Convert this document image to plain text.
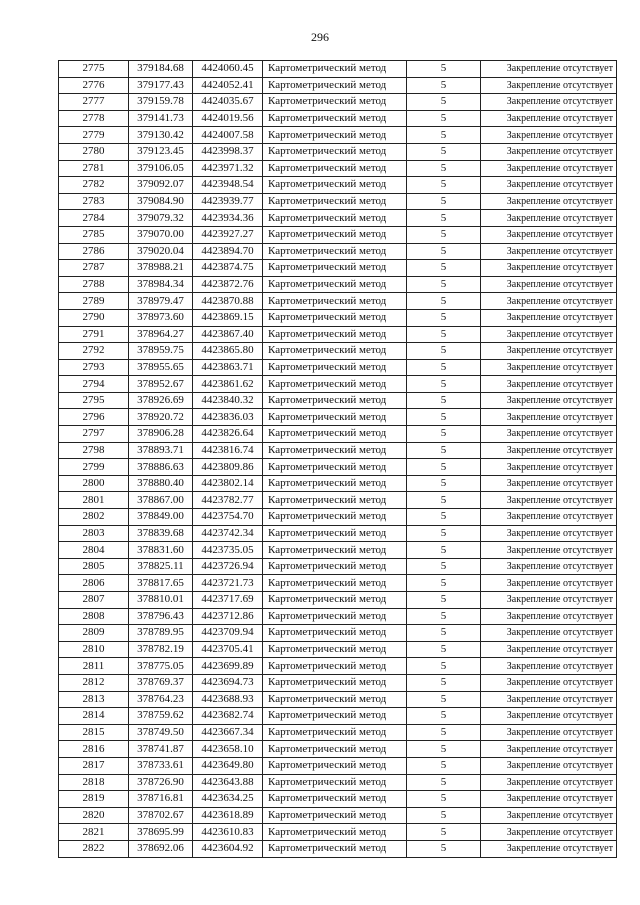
296
2775	379184.68	4424060.45	Картометрический метод	5	Закрепление отсутствует
2776	379177.43	4424052.41	Картометрический метод	5	Закрепление отсутствует
2777	379159.78	4424035.67	Картометрический метод	5	Закрепление отсутствует
2778	379141.73	4424019.56	Картометрический метод	5	Закрепление отсутствует
2779	379130.42	4424007.58	Картометрический метод	5	Закрепление отсутствует
2780	379123.45	4423998.37	Картометрический метод	5	Закрепление отсутствует
2781	379106.05	4423971.32	Картометрический метод	5	Закрепление отсутствует
2782	379092.07	4423948.54	Картометрический метод	5	Закрепление отсутствует
2783	379084.90	4423939.77	Картометрический метод	5	Закрепление отсутствует
2784	379079.32	4423934.36	Картометрический метод	5	Закрепление отсутствует
2785	379070.00	4423927.27	Картометрический метод	5	Закрепление отсутствует
2786	379020.04	4423894.70	Картометрический метод	5	Закрепление отсутствует
2787	378988.21	4423874.75	Картометрический метод	5	Закрепление отсутствует
2788	378984.34	4423872.76	Картометрический метод	5	Закрепление отсутствует
2789	378979.47	4423870.88	Картометрический метод	5	Закрепление отсутствует
2790	378973.60	4423869.15	Картометрический метод	5	Закрепление отсутствует
2791	378964.27	4423867.40	Картометрический метод	5	Закрепление отсутствует
2792	378959.75	4423865.80	Картометрический метод	5	Закрепление отсутствует
2793	378955.65	4423863.71	Картометрический метод	5	Закрепление отсутствует
2794	378952.67	4423861.62	Картометрический метод	5	Закрепление отсутствует
2795	378926.69	4423840.32	Картометрический метод	5	Закрепление отсутствует
2796	378920.72	4423836.03	Картометрический метод	5	Закрепление отсутствует
2797	378906.28	4423826.64	Картометрический метод	5	Закрепление отсутствует
2798	378893.71	4423816.74	Картометрический метод	5	Закрепление отсутствует
2799	378886.63	4423809.86	Картометрический метод	5	Закрепление отсутствует
2800	378880.40	4423802.14	Картометрический метод	5	Закрепление отсутствует
2801	378867.00	4423782.77	Картометрический метод	5	Закрепление отсутствует
2802	378849.00	4423754.70	Картометрический метод	5	Закрепление отсутствует
2803	378839.68	4423742.34	Картометрический метод	5	Закрепление отсутствует
2804	378831.60	4423735.05	Картометрический метод	5	Закрепление отсутствует
2805	378825.11	4423726.94	Картометрический метод	5	Закрепление отсутствует
2806	378817.65	4423721.73	Картометрический метод	5	Закрепление отсутствует
2807	378810.01	4423717.69	Картометрический метод	5	Закрепление отсутствует
2808	378796.43	4423712.86	Картометрический метод	5	Закрепление отсутствует
2809	378789.95	4423709.94	Картометрический метод	5	Закрепление отсутствует
2810	378782.19	4423705.41	Картометрический метод	5	Закрепление отсутствует
2811	378775.05	4423699.89	Картометрический метод	5	Закрепление отсутствует
2812	378769.37	4423694.73	Картометрический метод	5	Закрепление отсутствует
2813	378764.23	4423688.93	Картометрический метод	5	Закрепление отсутствует
2814	378759.62	4423682.74	Картометрический метод	5	Закрепление отсутствует
2815	378749.50	4423667.34	Картометрический метод	5	Закрепление отсутствует
2816	378741.87	4423658.10	Картометрический метод	5	Закрепление отсутствует
2817	378733.61	4423649.80	Картометрический метод	5	Закрепление отсутствует
2818	378726.90	4423643.88	Картометрический метод	5	Закрепление отсутствует
2819	378716.81	4423634.25	Картометрический метод	5	Закрепление отсутствует
2820	378702.67	4423618.89	Картометрический метод	5	Закрепление отсутствует
2821	378695.99	4423610.83	Картометрический метод	5	Закрепление отсутствует
2822	378692.06	4423604.92	Картометрический метод	5	Закрепление отсутствует
